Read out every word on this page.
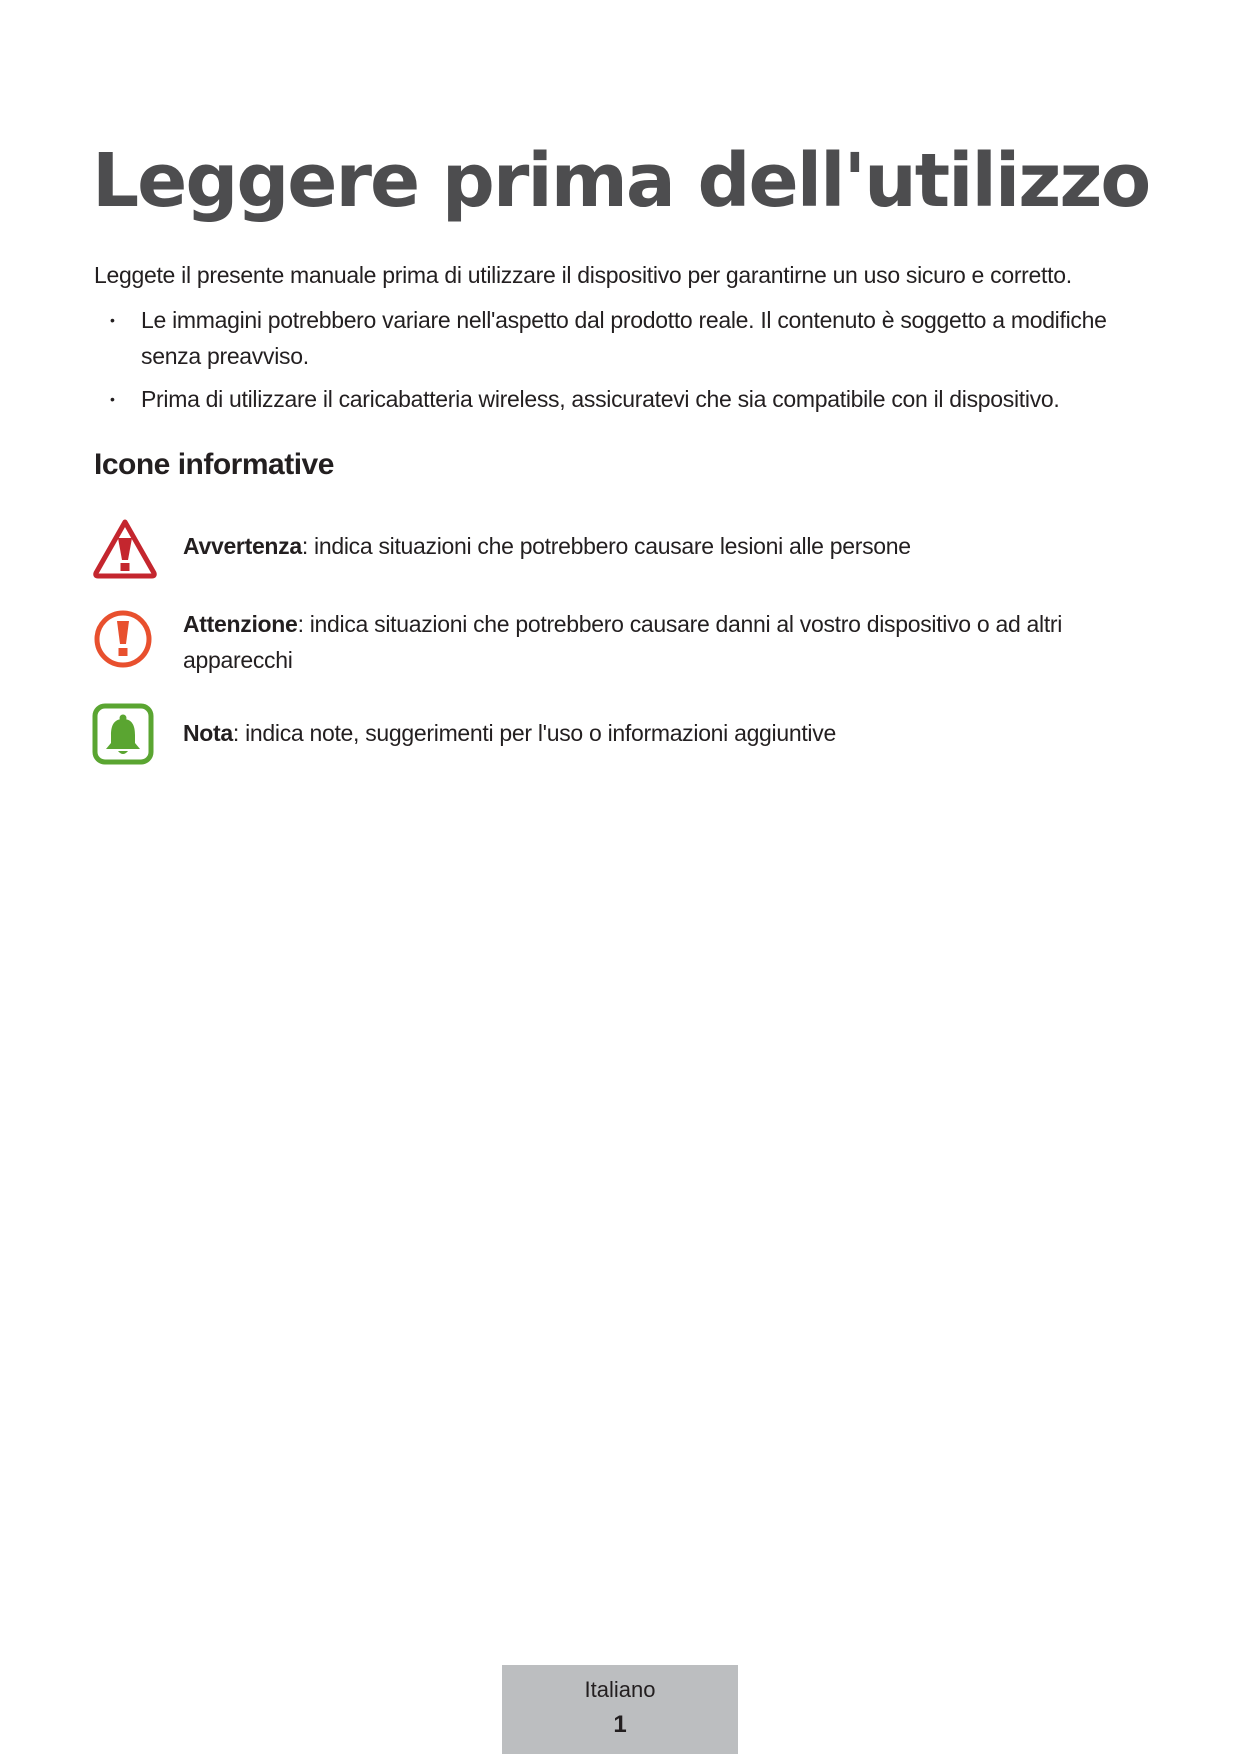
Leggere prima dell'utilizzo

Leggete il presente manuale prima di utilizzare il dispositivo per garantirne un uso sicuro e corretto.

• Le immagini potrebbero variare nell'aspetto dal prodotto reale. Il contenuto è soggetto a modifiche senza preavviso.
• Prima di utilizzare il caricabatteria wireless, assicuratevi che sia compatibile con il dispositivo.
Icone informative
Avvertenza: indica situazioni che potrebbero causare lesioni alle persone
Attenzione: indica situazioni che potrebbero causare danni al vostro dispositivo o ad altri apparecchi
Nota: indica note, suggerimenti per l'uso o informazioni aggiuntive
Italiano
1
